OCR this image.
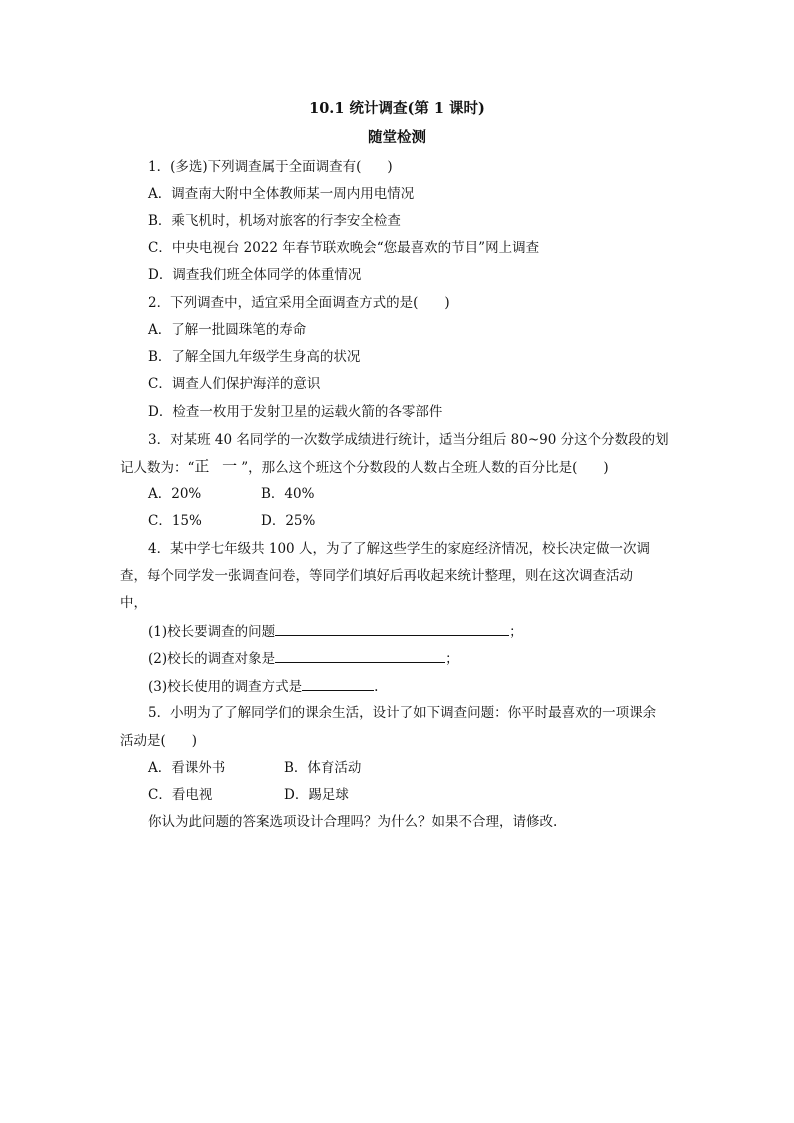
10.1 统计调查(第 1 课时)
随堂检测
1．(多选)下列调查属于全面调查有( )
A．调查南大附中全体教师某一周内用电情况
B．乘飞机时，机场对旅客的行李安全检查
C．中央电视台 2022 年春节联欢晚会“您最喜欢的节目”网上调查
D．调查我们班全体同学的体重情况
2．下列调查中，适宜采用全面调查方式的是( )
A．了解一批圆珠笔的寿命
B．了解全国九年级学生身高的状况
C．调查人们保护海洋的意识
D．检查一枚用于发射卫星的运载火箭的各零部件
3．对某班 40 名同学的一次数学成绩进行统计，适当分组后 80~90 分这个分数段的划
记人数为：“正 ⼀”，那么这个班这个分数段的人数占全班人数的百分比是( )
A．20%	B．40%
C．15%	D．25%
4．某中学七年级共 100 人，为了了解这些学生的家庭经济情况，校长决定做一次调
查，每个同学发一张调查问卷，等同学们填好后再收起来统计整理，则在这次调查活动
中，
(1)校长要调查的问题	；
(2)校长的调查对象是	；
(3)校长使用的调查方式是	.
5．小明为了了解同学们的课余生活，设计了如下调查问题：你平时最喜欢的一项课余
活动是( )
A．看课外书	B．体育活动
C．看电视	D．踢足球
你认为此问题的答案选项设计合理吗？为什么？如果不合理，请修改.
